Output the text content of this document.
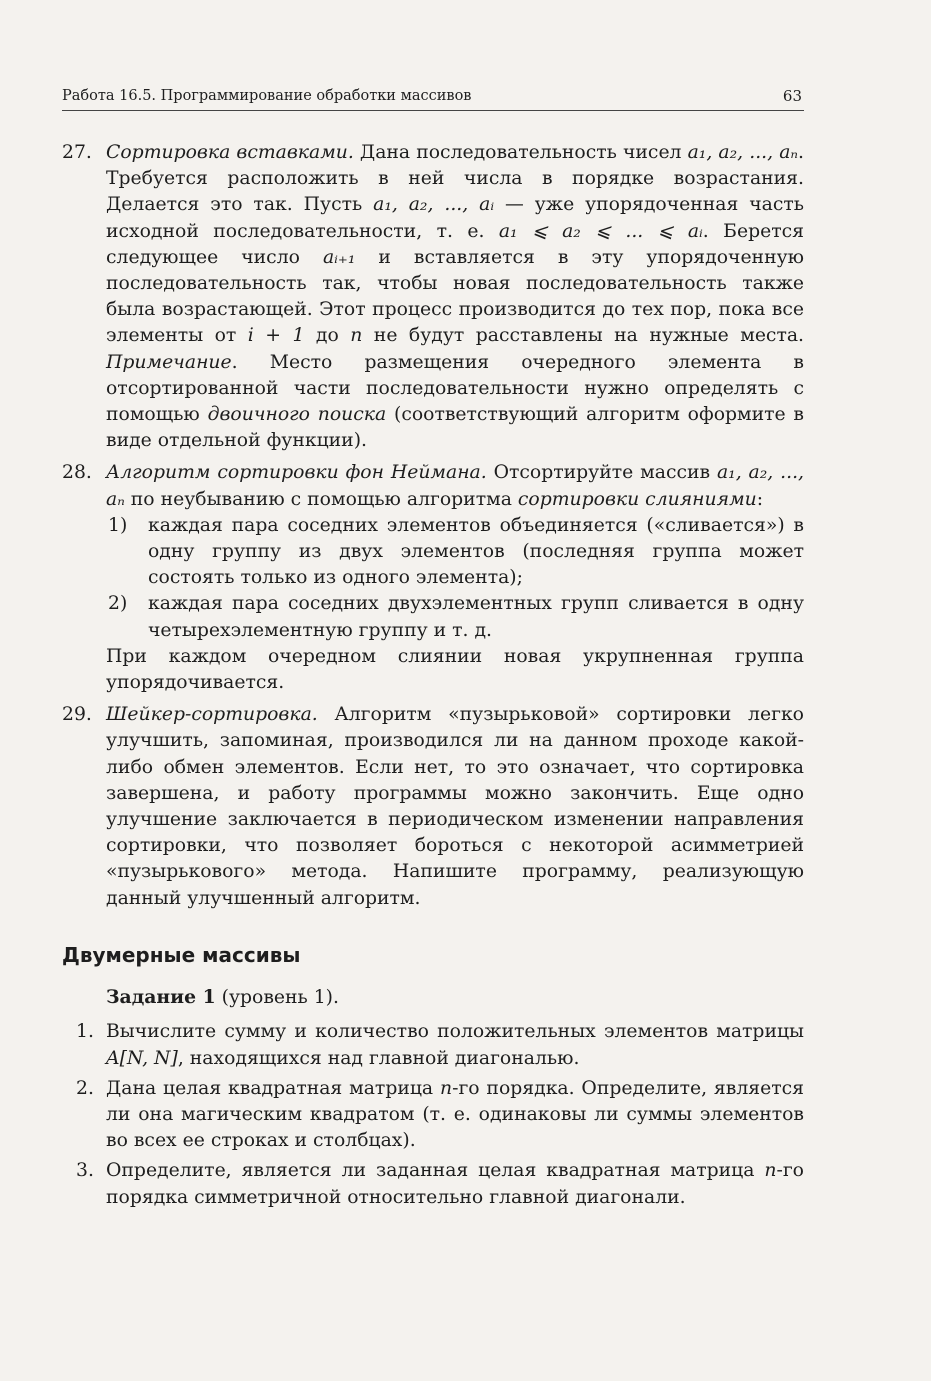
Работа 16.5. Программирование обработки массивов	63
27. Сортировка вставками. Дана последовательность чисел a₁, a₂, ..., aₙ. Требуется расположить в ней числа в порядке возрастания. Делается это так. Пусть a₁, a₂, ..., aᵢ — уже упорядоченная часть исходной последовательности, т. е. a₁ ⩽ a₂ ⩽ ... ⩽ aᵢ. Берется следующее число aᵢ₊₁ и вставляется в эту упорядоченную последовательность так, чтобы новая последовательность также была возрастающей. Этот процесс производится до тех пор, пока все элементы от i + 1 до n не будут расставлены на нужные места. Примечание. Место размещения очередного элемента в отсортированной части последовательности нужно определять с помощью двоичного поиска (соответствующий алгоритм оформите в виде отдельной функции).
28. Алгоритм сортировки фон Неймана. Отсортируйте массив a₁, a₂, ..., aₙ по неубыванию с помощью алгоритма сортировки слияниями:
1) каждая пара соседних элементов объединяется («сливается») в одну группу из двух элементов (последняя группа может состоять только из одного элемента);
2) каждая пара соседних двухэлементных групп сливается в одну четырехэлементную группу и т. д.
При каждом очередном слиянии новая укрупненная группа упорядочивается.
29. Шейкер-сортировка. Алгоритм «пузырьковой» сортировки легко улучшить, запоминая, производился ли на данном проходе какой-либо обмен элементов. Если нет, то это означает, что сортировка завершена, и работу программы можно закончить. Еще одно улучшение заключается в периодическом изменении направления сортировки, что позволяет бороться с некоторой асимметрией «пузырькового» метода. Напишите программу, реализующую данный улучшенный алгоритм.
Двумерные массивы
Задание 1 (уровень 1).
1. Вычислите сумму и количество положительных элементов матрицы A[N, N], находящихся над главной диагональю.
2. Дана целая квадратная матрица n-го порядка. Определите, является ли она магическим квадратом (т. е. одинаковы ли суммы элементов во всех ее строках и столбцах).
3. Определите, является ли заданная целая квадратная матрица n-го порядка симметричной относительно главной диагонали.
